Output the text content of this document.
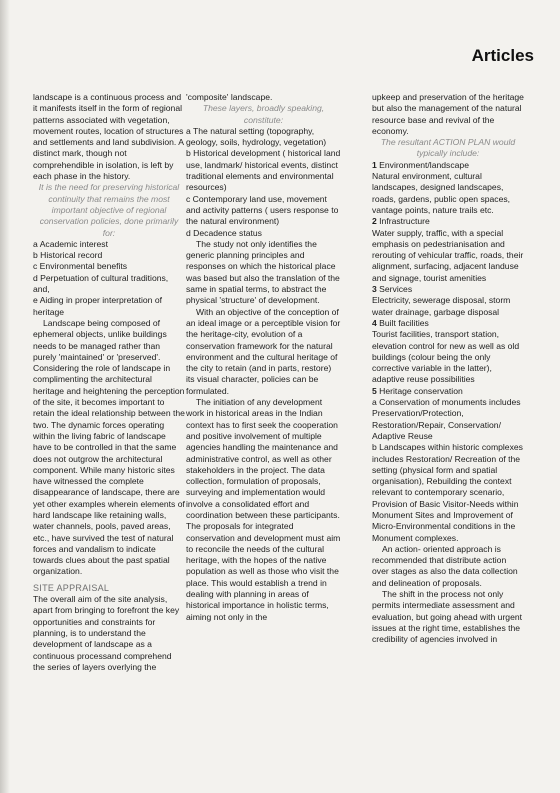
Articles

landscape is a continuous process and it manifests itself in the form of regional patterns associated with vegetation, movement routes, location of structures and settlements and land subdivision. A distinct mark, though not comprehendible in isolation, is left by each phase in the history.

It is the need for preserving historical continuity that remains the most important objective of regional conservation policies, done primarily for:

a Academic interest

b Historical record

c Environmental benefits

d Perpetuation of cultural traditions, and,

e Aiding in proper interpretation of heritage

Landscape being composed of ephemeral objects, unlike buildings needs to be managed rather than purely 'maintained' or 'preserved'. Considering the role of landscape in complimenting the architectural heritage and heightening the perception of the site, it becomes important to retain the ideal relationship between the two. The dynamic forces operating within the living fabric of landscape have to be controlled in that the same does not outgrow the architectural component. While many historic sites have witnessed the complete disappearance of landscape, there are yet other examples wherein elements of hard landscape like retaining walls, water channels, pools, paved areas, etc., have survived the test of natural forces and vandalism to indicate towards clues about the past spatial organization.

SITE APPRAISAL

The overall aim of the site analysis, apart from bringing to forefront the key opportunities and constraints for planning, is to understand the development of landscape as a continuous processand comprehend the series of layers overlying the

'composite' landscape.

These layers, broadly speaking, constitute:

a The natural setting (topography, geology, soils, hydrology, vegetation)

b Historical development ( historical land use, landmark/ historical events, distinct traditional elements and environmental resources)

c Contemporary land use, movement and activity patterns ( users response to the natural environment)

d Decadence status

The study not only identifies the generic planning principles and responses on which the historical place was based but also the translation of the same in spatial terms, to abstract the physical 'structure' of development.

With an objective of the conception of an ideal image or a perceptible vision for the heritage-city, evolution of a conservation framework for the natural environment and the cultural heritage of the city to retain (and in parts, restore) its visual character, policies can be formulated.

The initiation of any development work in historical areas in the Indian context has to first seek the cooperation and positive involvement of multiple agencies handling the maintenance and administrative control, as well as other stakeholders in the project. The data collection, formulation of proposals, surveying and implementation would involve a consolidated effort and coordination between these participants. The proposals for integrated conservation and development must aim to reconcile the needs of the cultural heritage, with the hopes of the native population as well as those who visit the place. This would establish a trend in dealing with planning in areas of historical importance in holistic terms, aiming not only in the

upkeep and preservation of the heritage but also the management of the natural resource base and revival of the economy.

The resultant ACTION PLAN would typically include:

1 Environment/landscape

Natural environment, cultural landscapes, designed landscapes, roads, gardens, public open spaces, vantage points, nature trails etc.

2 Infrastructure

Water supply, traffic, with a special emphasis on pedestrianisation and rerouting of vehicular traffic, roads, their alignment, surfacing, adjacent landuse and signage, tourist amenities

3 Services

Electricity, sewerage disposal, storm water drainage, garbage disposal

4 Built facilities

Tourist facilities, transport station, elevation control for new as well as old buildings (colour being the only corrective variable in the latter), adaptive reuse possibilities

5 Heritage conservation

a Conservation of monuments includes Preservation/Protection, Restoration/Repair, Conservation/ Adaptive Reuse
b Landscapes within historic complexes includes Restoration/ Recreation of the setting (physical form and spatial organisation), Rebuilding the context relevant to contemporary scenario, Provision of Basic Visitor-Needs within Monument Sites and Improvement of Micro-Environmental conditions in the Monument complexes.

An action- oriented approach is recommended that distribute action over stages as also the data collection and delineation of proposals.

The shift in the process not only permits intermediate assessment and evaluation, but going ahead with urgent issues at the right time, establishes the credibility of agencies involved in
